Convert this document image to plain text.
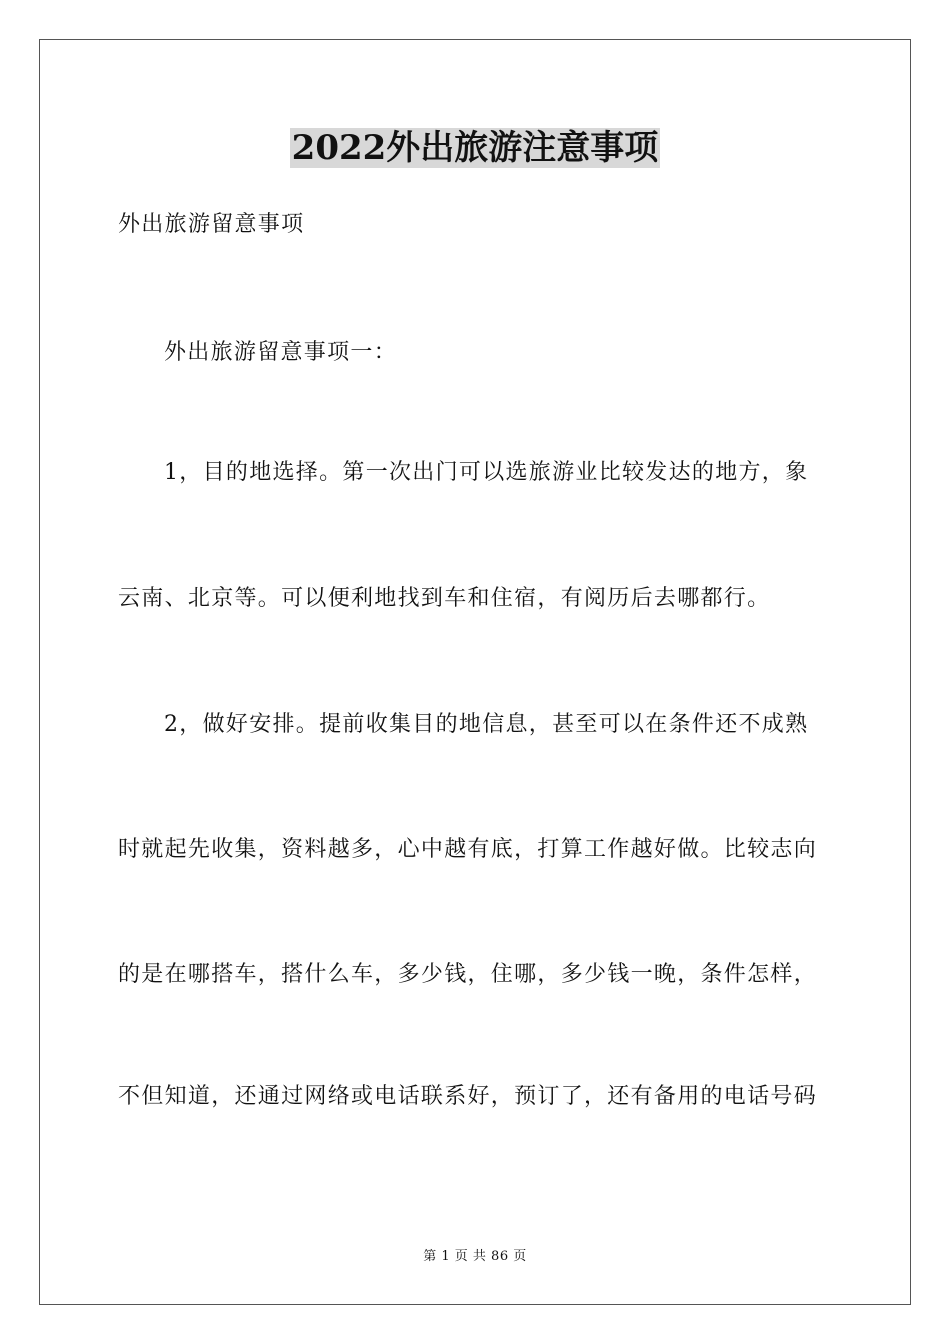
2022外出旅游注意事项
外出旅游留意事项
外出旅游留意事项一：
1，目的地选择。第一次出门可以选旅游业比较发达的地方，象
云南、北京等。可以便利地找到车和住宿，有阅历后去哪都行。
2，做好安排。提前收集目的地信息，甚至可以在条件还不成熟
时就起先收集，资料越多，心中越有底，打算工作越好做。比较志向
的是在哪搭车，搭什么车，多少钱，住哪，多少钱一晚，条件怎样，
不但知道，还通过网络或电话联系好，预订了，还有备用的电话号码
第 1 页 共 86 页
